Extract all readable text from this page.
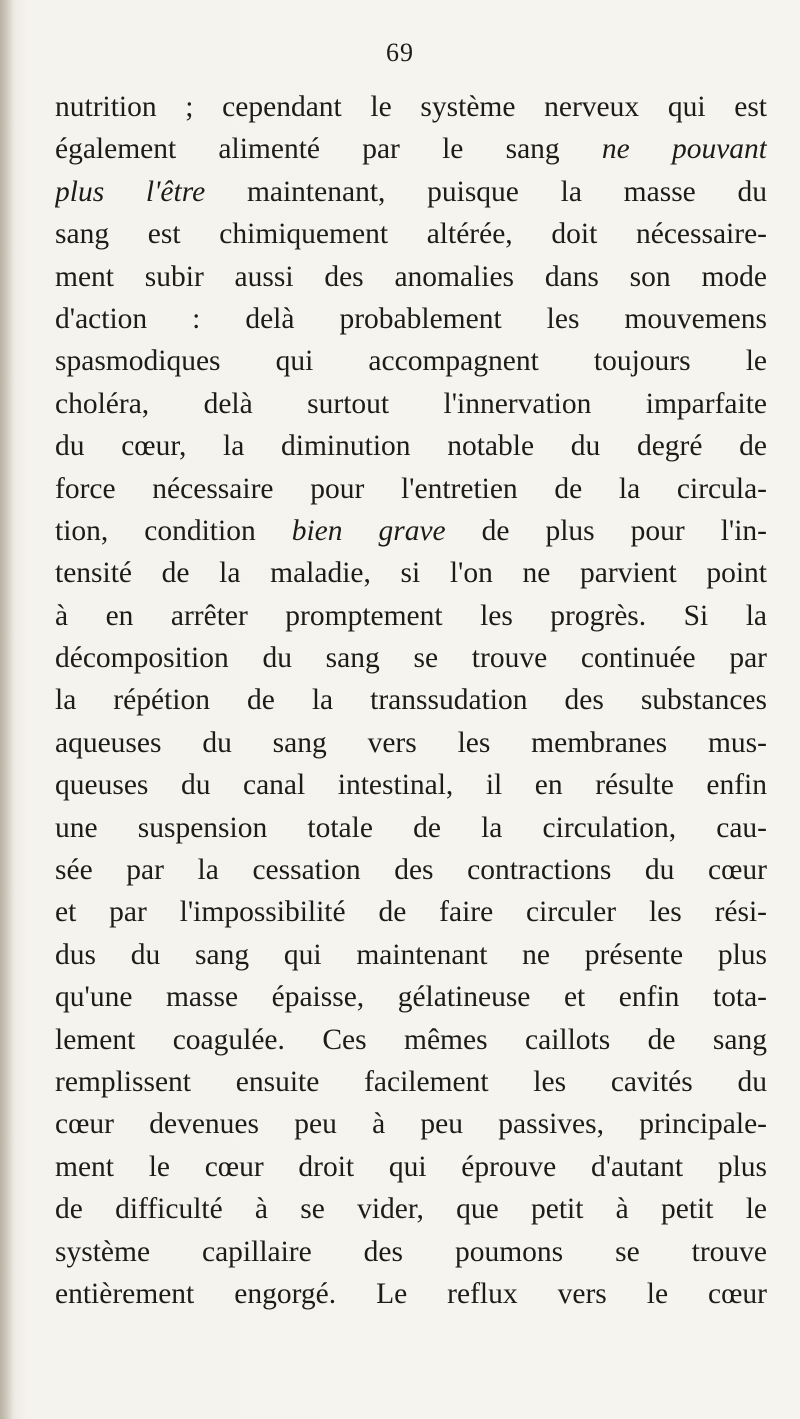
69
nutrition ; cependant le système nerveux qui est
également alimenté par le sang ne pouvant
plus l'être maintenant, puisque la masse du
sang est chimiquement altérée, doit nécessaire-
ment subir aussi des anomalies dans son mode
d'action : delà probablement les mouvemens
spasmodiques qui accompagnent toujours le
choléra, delà surtout l'innervation imparfaite
du cœur, la diminution notable du degré de
force nécessaire pour l'entretien de la circula-
tion, condition bien grave de plus pour l'in-
tensité de la maladie, si l'on ne parvient point
à en arrêter promptement les progrès. Si la
décomposition du sang se trouve continuée par
la répétion de la transsudation des substances
aqueuses du sang vers les membranes mus-
queuses du canal intestinal, il en résulte enfin
une suspension totale de la circulation, cau-
sée par la cessation des contractions du cœur
et par l'impossibilité de faire circuler les rési-
dus du sang qui maintenant ne présente plus
qu'une masse épaisse, gélatineuse et enfin tota-
lement coagulée. Ces mêmes caillots de sang
remplissent ensuite facilement les cavités du
cœur devenues peu à peu passives, principale-
ment le cœur droit qui éprouve d'autant plus
de difficulté à se vider, que petit à petit le
système capillaire des poumons se trouve
entièrement engorgé. Le reflux vers le cœur
